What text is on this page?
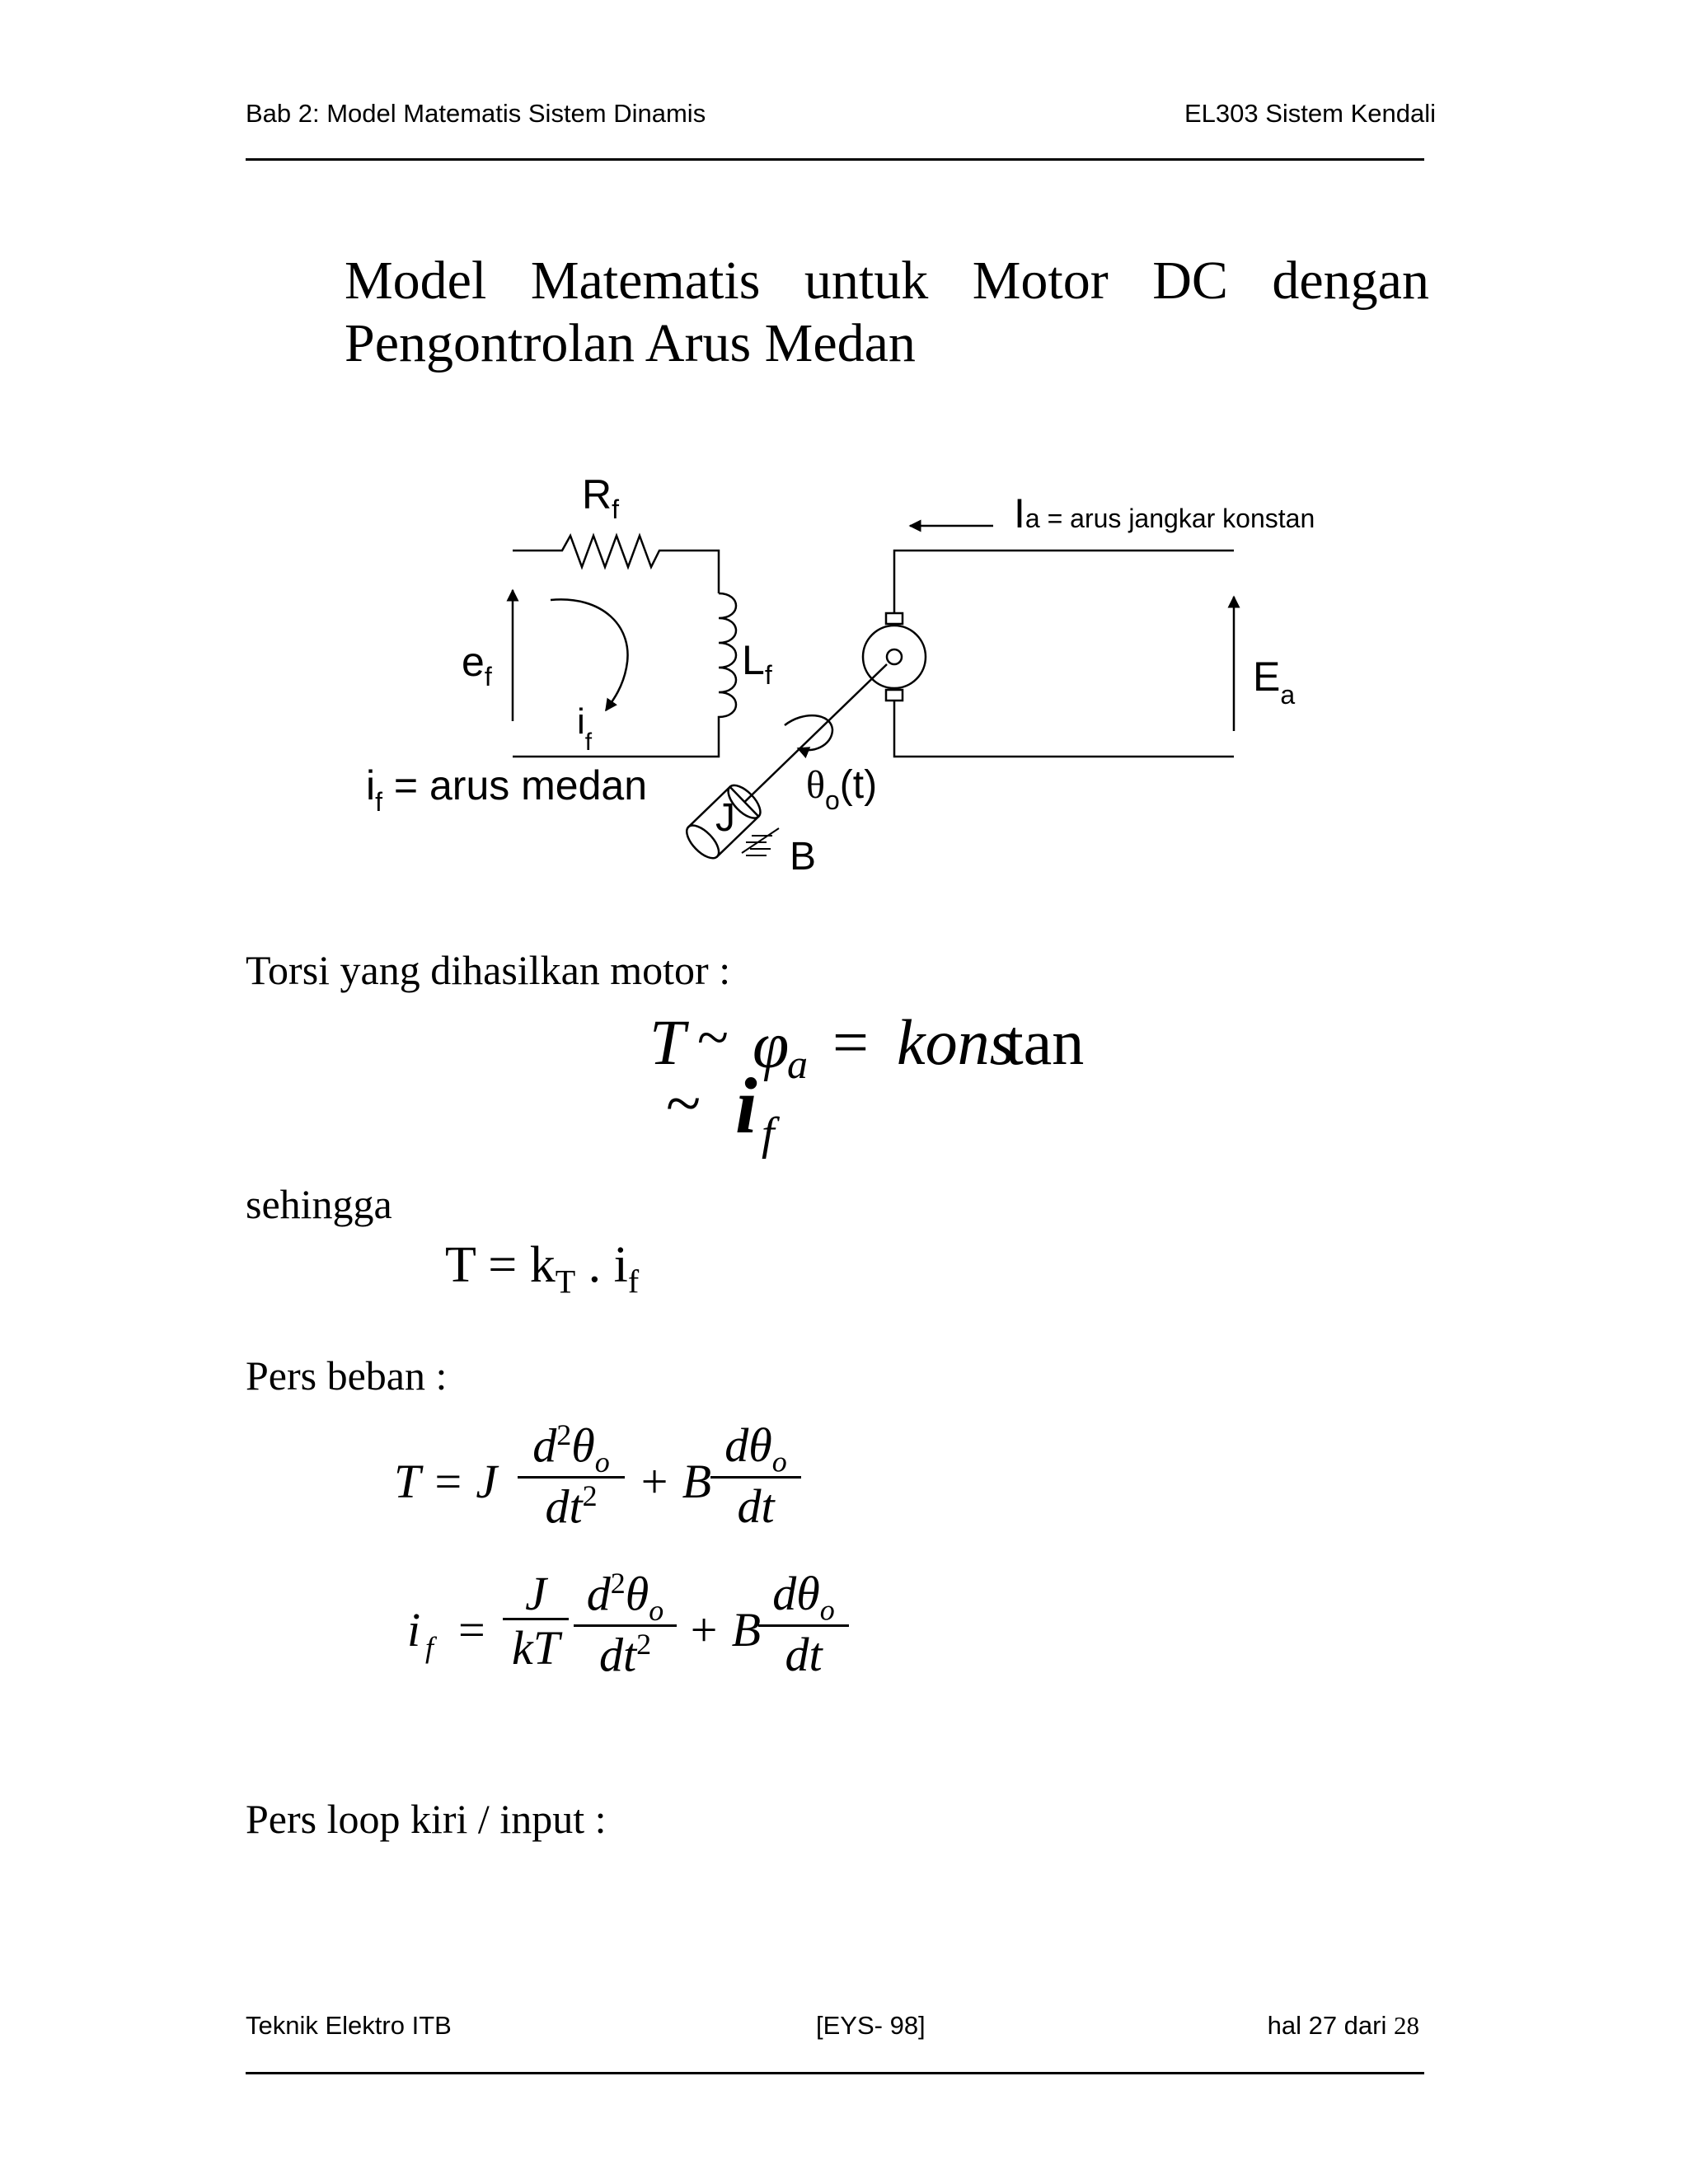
Bab 2: Model Matematis Sistem Dinamis	EL303 Sistem Kendali
Model Matematis untuk Motor DC dengan
Pengontrolan Arus Medan
$R_f$
$L_f$
$e_f$
$i_f$
$i_f$ = arus medan	$\theta_o(t)$
J
B
Ia = arus jangkar konstan
$E_a$
Torsi yang dihasilkan motor :
T ~ φ
a = kons
tan
~ i f
sehingga
$T = k_T$ . $i_f$
Pers beban :
T = J
$d^2\theta_o$
$dt^2 + B$
$d\theta_o$
dt
i f =
J
kT
$d^2\theta_o$
$dt^2 + B$
$d\theta_o$
dt
Pers loop kiri / input :
Teknik Elektro ITB	[EYS- 98]	hal 27 dari 28
